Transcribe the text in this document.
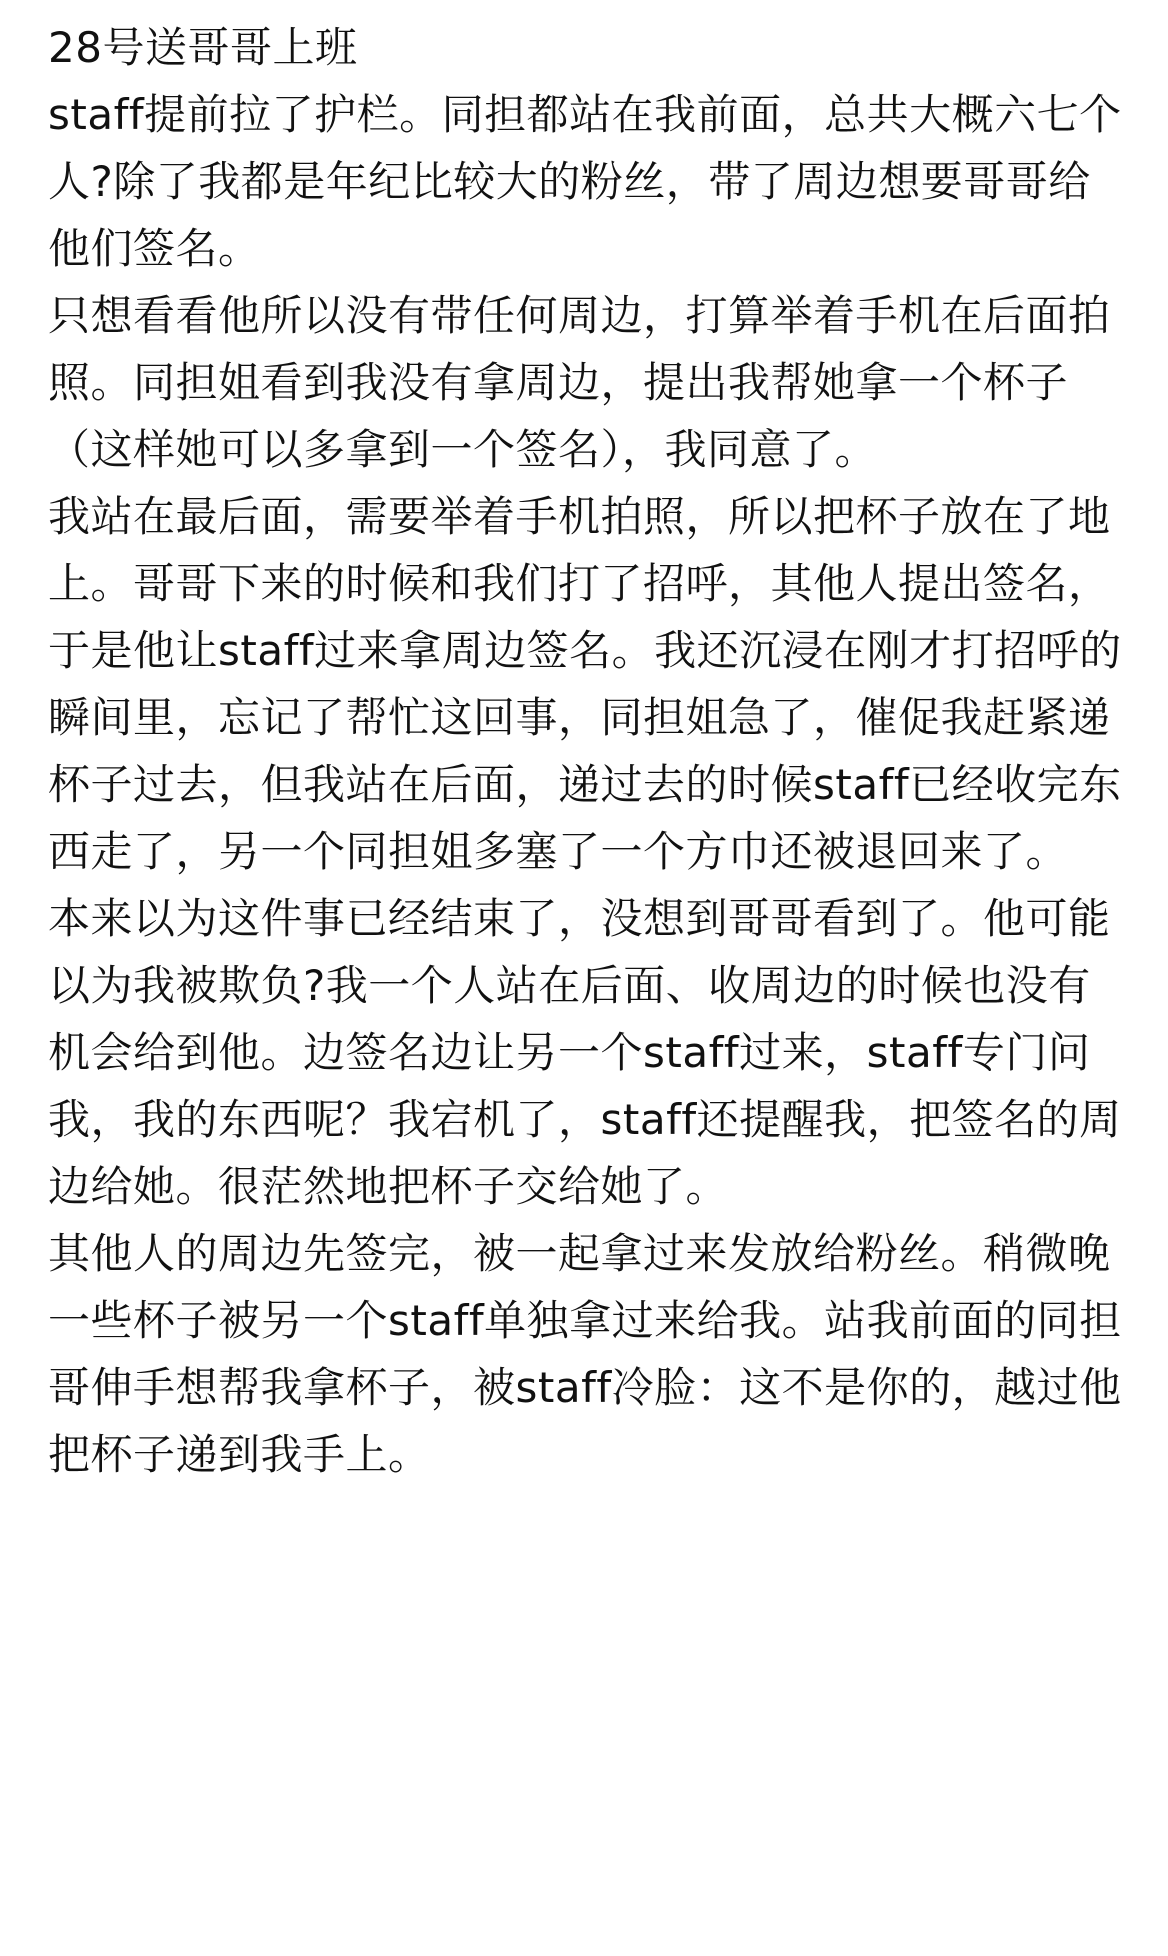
28号送哥哥上班

staff提前拉了护栏。同担都站在我前面，总共大概六七个人?除了我都是年纪比较大的粉丝，带了周边想要哥哥给他们签名。

只想看看他所以没有带任何周边，打算举着手机在后面拍照。同担姐看到我没有拿周边，提出我帮她拿一个杯子（这样她可以多拿到一个签名），我同意了。

我站在最后面，需要举着手机拍照，所以把杯子放在了地上。哥哥下来的时候和我们打了招呼，其他人提出签名，于是他让staff过来拿周边签名。我还沉浸在刚才打招呼的瞬间里，忘记了帮忙这回事，同担姐急了，催促我赶紧递杯子过去，但我站在后面，递过去的时候staff已经收完东西走了，另一个同担姐多塞了一个方巾还被退回来了。

本来以为这件事已经结束了，没想到哥哥看到了。他可能以为我被欺负?我一个人站在后面、收周边的时候也没有机会给到他。边签名边让另一个staff过来，staff专门问我，我的东西呢？我宕机了，staff还提醒我，把签名的周边给她。很茫然地把杯子交给她了。

其他人的周边先签完，被一起拿过来发放给粉丝。稍微晚一些杯子被另一个staff单独拿过来给我。站我前面的同担哥伸手想帮我拿杯子，被staff冷脸：这不是你的，越过他把杯子递到我手上。
